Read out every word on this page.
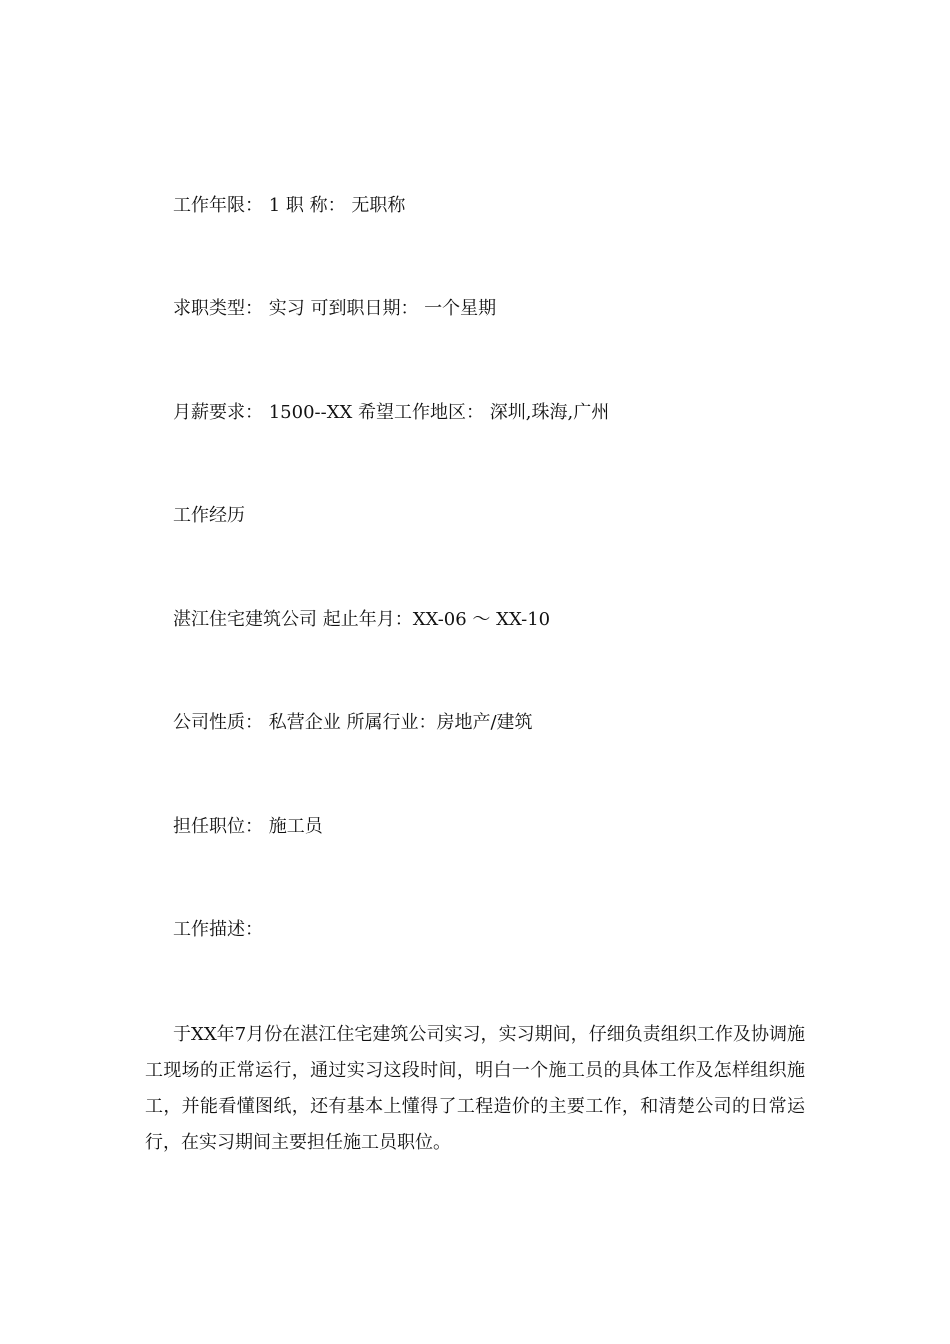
工作年限： 1 职 称： 无职称
求职类型： 实习 可到职日期： 一个星期
月薪要求： 1500--XX 希望工作地区： 深圳,珠海,广州
工作经历
湛江住宅建筑公司 起止年月：XX-06 ～ XX-10
公司性质： 私营企业 所属行业：房地产/建筑
担任职位： 施工员
工作描述：
于XX年7月份在湛江住宅建筑公司实习，实习期间，仔细负责组织工作及协调施工现场的正常运行，通过实习这段时间，明白一个施工员的具体工作及怎样组织施工，并能看懂图纸，还有基本上懂得了工程造价的主要工作，和清楚公司的日常运行，在实习期间主要担任施工员职位。
